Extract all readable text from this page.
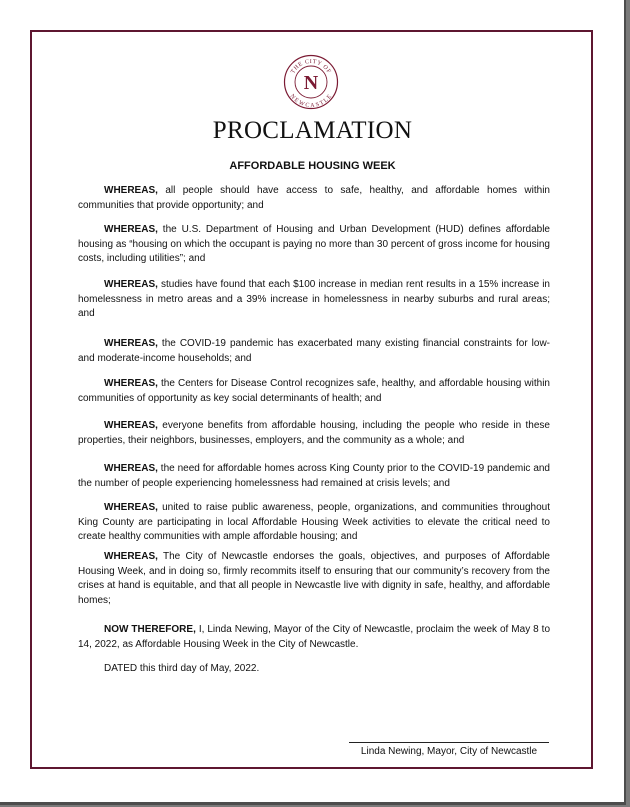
THE CITY OF
NEWCASTLE
N
PROCLAMATION
AFFORDABLE HOUSING WEEK

WHEREAS, all people should have access to safe, healthy, and affordable homes within communities that provide opportunity; and

WHEREAS, the U.S. Department of Housing and Urban Development (HUD) defines affordable housing as “housing on which the occupant is paying no more than 30 percent of gross income for housing costs, including utilities”; and

WHEREAS, studies have found that each $100 increase in median rent results in a 15% increase in homelessness in metro areas and a 39% increase in homelessness in nearby suburbs and rural areas; and

WHEREAS, the COVID-19 pandemic has exacerbated many existing financial constraints for low- and moderate-income households; and

WHEREAS, the Centers for Disease Control recognizes safe, healthy, and affordable housing within communities of opportunity as key social determinants of health; and

WHEREAS, everyone benefits from affordable housing, including the people who reside in these properties, their neighbors, businesses, employers, and the community as a whole; and

WHEREAS, the need for affordable homes across King County prior to the COVID-19 pandemic and the number of people experiencing homelessness had remained at crisis levels; and

WHEREAS, united to raise public awareness, people, organizations, and communities throughout King County are participating in local Affordable Housing Week activities to elevate the critical need to create healthy communities with ample affordable housing; and

WHEREAS, The City of Newcastle endorses the goals, objectives, and purposes of Affordable Housing Week, and in doing so, firmly recommits itself to ensuring that our community’s recovery from the crises at hand is equitable, and that all people in Newcastle live with dignity in safe, healthy, and affordable homes;

NOW THEREFORE, I, Linda Newing, Mayor of the City of Newcastle, proclaim the week of May 8 to 14, 2022, as Affordable Housing Week in the City of Newcastle.

DATED this third day of May, 2022.

Linda Newing, Mayor, City of Newcastle
